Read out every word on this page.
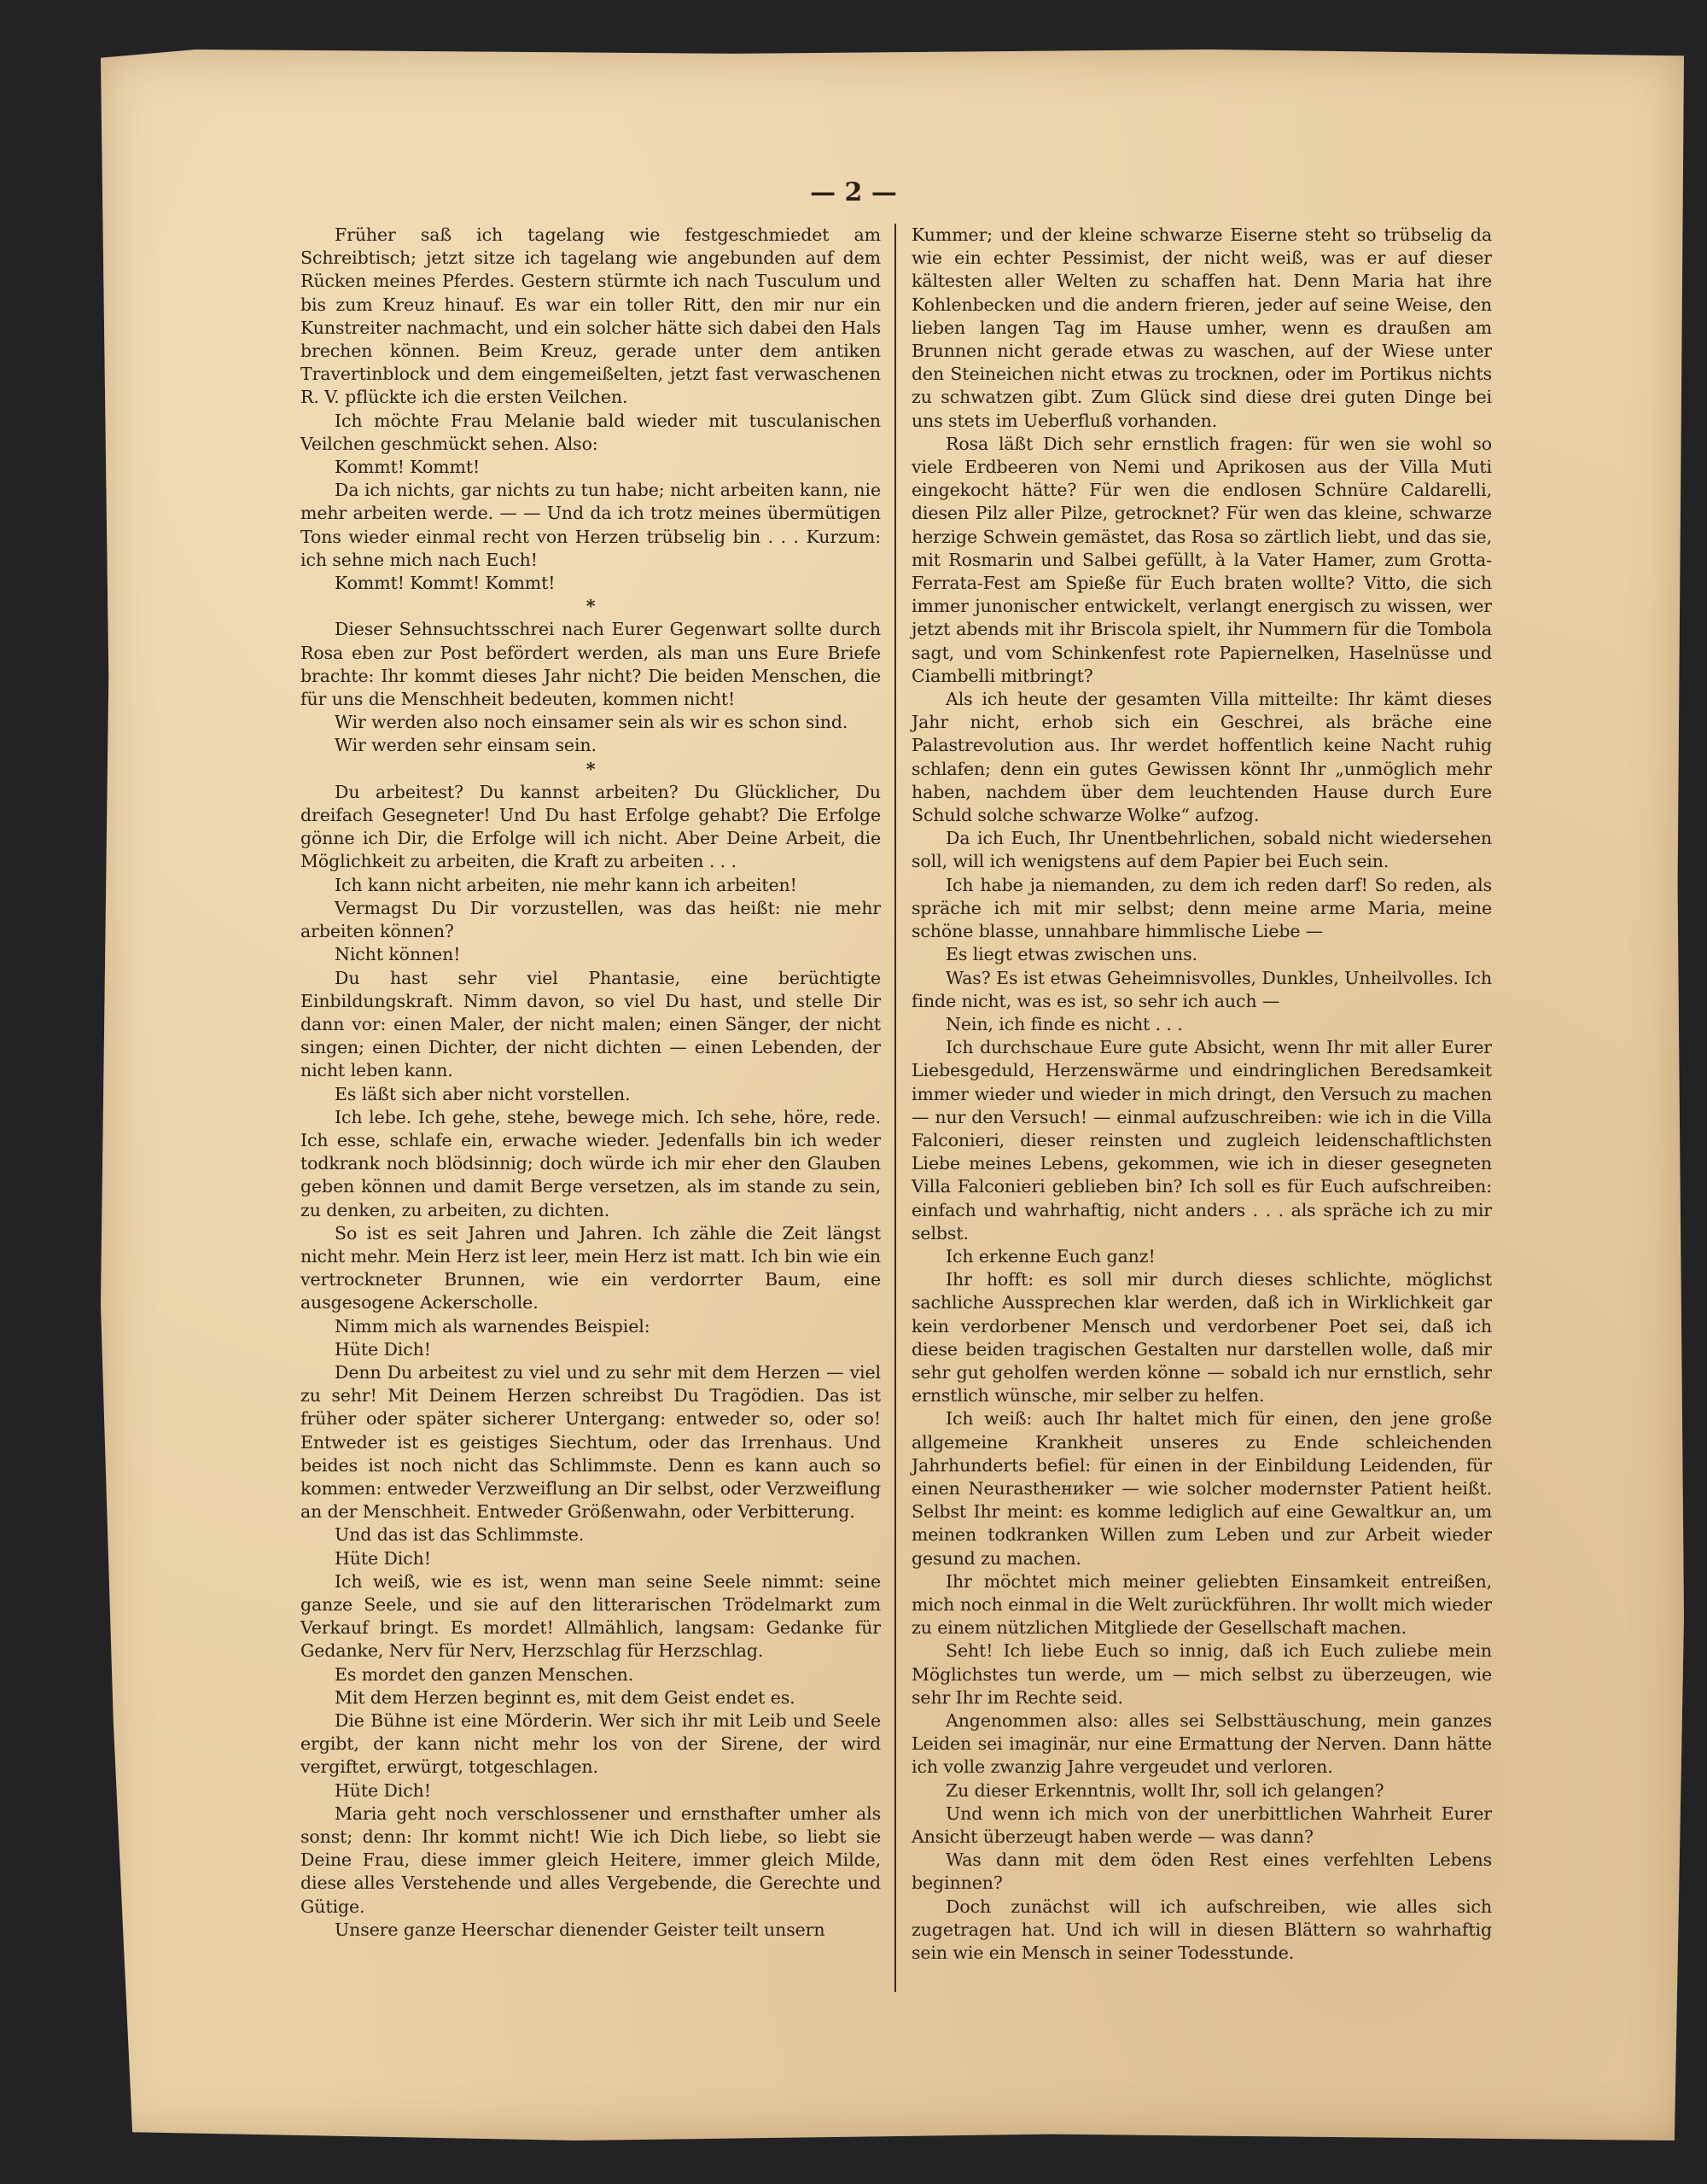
— 2 —

Früher saß ich tagelang wie festgeschmiedet am Schreibtisch; jetzt sitze ich tagelang wie angebunden auf dem Rücken meines Pferdes. Gestern stürmte ich nach Tusculum und bis zum Kreuz hinauf. Es war ein toller Ritt, den mir nur ein Kunstreiter nachmacht, und ein solcher hätte sich dabei den Hals brechen können. Beim Kreuz, gerade unter dem antiken Travertinblock und dem eingemeißelten, jetzt fast verwaschenen R. V. pflückte ich die ersten Veilchen.

Ich möchte Frau Melanie bald wieder mit tusculanischen Veilchen geschmückt sehen. Also:

Kommt! Kommt!

Da ich nichts, gar nichts zu tun habe; nicht arbeiten kann, nie mehr arbeiten werde. — — Und da ich trotz meines übermütigen Tons wieder einmal recht von Herzen trübselig bin . . . Kurzum: ich sehne mich nach Euch!

Kommt! Kommt! Kommt!

*

Dieser Sehnsuchtsschrei nach Eurer Gegenwart sollte durch Rosa eben zur Post befördert werden, als man uns Eure Briefe brachte: Ihr kommt dieses Jahr nicht? Die beiden Menschen, die für uns die Menschheit bedeuten, kommen nicht!

Wir werden also noch einsamer sein als wir es schon sind.

Wir werden sehr einsam sein.

*

Du arbeitest? Du kannst arbeiten? Du Glücklicher, Du dreifach Gesegneter! Und Du hast Erfolge gehabt? Die Erfolge gönne ich Dir, die Erfolge will ich nicht. Aber Deine Arbeit, die Möglichkeit zu arbeiten, die Kraft zu arbeiten . . .

Ich kann nicht arbeiten, nie mehr kann ich arbeiten!

Vermagst Du Dir vorzustellen, was das heißt: nie mehr arbeiten können?

Nicht können!

Du hast sehr viel Phantasie, eine berüchtigte Einbildungskraft. Nimm davon, so viel Du hast, und stelle Dir dann vor: einen Maler, der nicht malen; einen Sänger, der nicht singen; einen Dichter, der nicht dichten — einen Lebenden, der nicht leben kann.

Es läßt sich aber nicht vorstellen.

Ich lebe. Ich gehe, stehe, bewege mich. Ich sehe, höre, rede. Ich esse, schlafe ein, erwache wieder. Jedenfalls bin ich weder todkrank noch blödsinnig; doch würde ich mir eher den Glauben geben können und damit Berge versetzen, als im stande zu sein, zu denken, zu arbeiten, zu dichten.

So ist es seit Jahren und Jahren. Ich zähle die Zeit längst nicht mehr. Mein Herz ist leer, mein Herz ist matt. Ich bin wie ein vertrockneter Brunnen, wie ein verdorrter Baum, eine ausgesogene Ackerscholle.

Nimm mich als warnendes Beispiel:

Hüte Dich!

Denn Du arbeitest zu viel und zu sehr mit dem Herzen — viel zu sehr! Mit Deinem Herzen schreibst Du Tragödien. Das ist früher oder später sicherer Untergang: entweder so, oder so! Entweder ist es geistiges Siechtum, oder das Irrenhaus. Und beides ist noch nicht das Schlimmste. Denn es kann auch so kommen: entweder Verzweiflung an Dir selbst, oder Verzweiflung an der Menschheit. Entweder Größenwahn, oder Verbitterung.

Und das ist das Schlimmste.

Hüte Dich!

Ich weiß, wie es ist, wenn man seine Seele nimmt: seine ganze Seele, und sie auf den litterarischen Trödelmarkt zum Verkauf bringt. Es mordet! Allmählich, langsam: Gedanke für Gedanke, Nerv für Nerv, Herzschlag für Herzschlag.

Es mordet den ganzen Menschen.

Mit dem Herzen beginnt es, mit dem Geist endet es.

Die Bühne ist eine Mörderin. Wer sich ihr mit Leib und Seele ergibt, der kann nicht mehr los von der Sirene, der wird vergiftet, erwürgt, totgeschlagen.

Hüte Dich!

Maria geht noch verschlossener und ernsthafter umher als sonst; denn: Ihr kommt nicht! Wie ich Dich liebe, so liebt sie Deine Frau, diese immer gleich Heitere, immer gleich Milde, diese alles Verstehende und alles Vergebende, die Gerechte und Gütige.

Unsere ganze Heerschar dienender Geister teilt unsern

Kummer; und der kleine schwarze Eiserne steht so trübselig da wie ein echter Pessimist, der nicht weiß, was er auf dieser kältesten aller Welten zu schaffen hat. Denn Maria hat ihre Kohlenbecken und die andern frieren, jeder auf seine Weise, den lieben langen Tag im Hause umher, wenn es draußen am Brunnen nicht gerade etwas zu waschen, auf der Wiese unter den Steineichen nicht etwas zu trocknen, oder im Portikus nichts zu schwatzen gibt. Zum Glück sind diese drei guten Dinge bei uns stets im Ueberfluß vorhanden.

Rosa läßt Dich sehr ernstlich fragen: für wen sie wohl so viele Erdbeeren von Nemi und Aprikosen aus der Villa Muti eingekocht hätte? Für wen die endlosen Schnüre Caldarelli, diesen Pilz aller Pilze, getrocknet? Für wen das kleine, schwarze herzige Schwein gemästet, das Rosa so zärtlich liebt, und das sie, mit Rosmarin und Salbei gefüllt, à la Vater Hamer, zum Grotta-Ferrata-Fest am Spieße für Euch braten wollte? Vitto, die sich immer junonischer entwickelt, verlangt energisch zu wissen, wer jetzt abends mit ihr Briscola spielt, ihr Nummern für die Tombola sagt, und vom Schinkenfest rote Papiernelken, Haselnüsse und Ciambelli mitbringt?

Als ich heute der gesamten Villa mitteilte: Ihr kämt dieses Jahr nicht, erhob sich ein Geschrei, als bräche eine Palastrevolution aus. Ihr werdet hoffentlich keine Nacht ruhig schlafen; denn ein gutes Gewissen könnt Ihr „unmöglich mehr haben, nachdem über dem leuchtenden Hause durch Eure Schuld solche schwarze Wolke“ aufzog.

Da ich Euch, Ihr Unentbehrlichen, sobald nicht wiedersehen soll, will ich wenigstens auf dem Papier bei Euch sein.

Ich habe ja niemanden, zu dem ich reden darf! So reden, als spräche ich mit mir selbst; denn meine arme Maria, meine schöne blasse, unnahbare himmlische Liebe —

Es liegt etwas zwischen uns.

Was? Es ist etwas Geheimnisvolles, Dunkles, Unheilvolles. Ich finde nicht, was es ist, so sehr ich auch —

Nein, ich finde es nicht . . .

Ich durchschaue Eure gute Absicht, wenn Ihr mit aller Eurer Liebesgeduld, Herzenswärme und eindringlichen Beredsamkeit immer wieder und wieder in mich dringt, den Versuch zu machen — nur den Versuch! — einmal aufzuschreiben: wie ich in die Villa Falconieri, dieser reinsten und zugleich leidenschaftlichsten Liebe meines Lebens, gekommen, wie ich in dieser gesegneten Villa Falconieri geblieben bin? Ich soll es für Euch aufschreiben: einfach und wahrhaftig, nicht anders . . . als spräche ich zu mir selbst.

Ich erkenne Euch ganz!

Ihr hofft: es soll mir durch dieses schlichte, möglichst sachliche Aussprechen klar werden, daß ich in Wirklichkeit gar kein verdorbener Mensch und verdorbener Poet sei, daß ich diese beiden tragischen Gestalten nur darstellen wolle, daß mir sehr gut geholfen werden könne — sobald ich nur ernstlich, sehr ernstlich wünsche, mir selber zu helfen.

Ich weiß: auch Ihr haltet mich für einen, den jene große allgemeine Krankheit unseres zu Ende schleichenden Jahrhunderts befiel: für einen in der Einbildung Leidenden, für einen Neurasthениker — wie solcher modernster Patient heißt. Selbst Ihr meint: es komme lediglich auf eine Gewaltkur an, um meinen todkranken Willen zum Leben und zur Arbeit wieder gesund zu machen.

Ihr möchtet mich meiner geliebten Einsamkeit entreißen, mich noch einmal in die Welt zurückführen. Ihr wollt mich wieder zu einem nützlichen Mitgliede der Gesellschaft machen.

Seht! Ich liebe Euch so innig, daß ich Euch zuliebe mein Möglichstes tun werde, um — mich selbst zu überzeugen, wie sehr Ihr im Rechte seid.

Angenommen also: alles sei Selbsttäuschung, mein ganzes Leiden sei imaginär, nur eine Ermattung der Nerven. Dann hätte ich volle zwanzig Jahre vergeudet und verloren.

Zu dieser Erkenntnis, wollt Ihr, soll ich gelangen?

Und wenn ich mich von der unerbittlichen Wahrheit Eurer Ansicht überzeugt haben werde — was dann?

Was dann mit dem öden Rest eines verfehlten Lebens beginnen?

Doch zunächst will ich aufschreiben, wie alles sich zugetragen hat. Und ich will in diesen Blättern so wahrhaftig sein wie ein Mensch in seiner Todesstunde.
